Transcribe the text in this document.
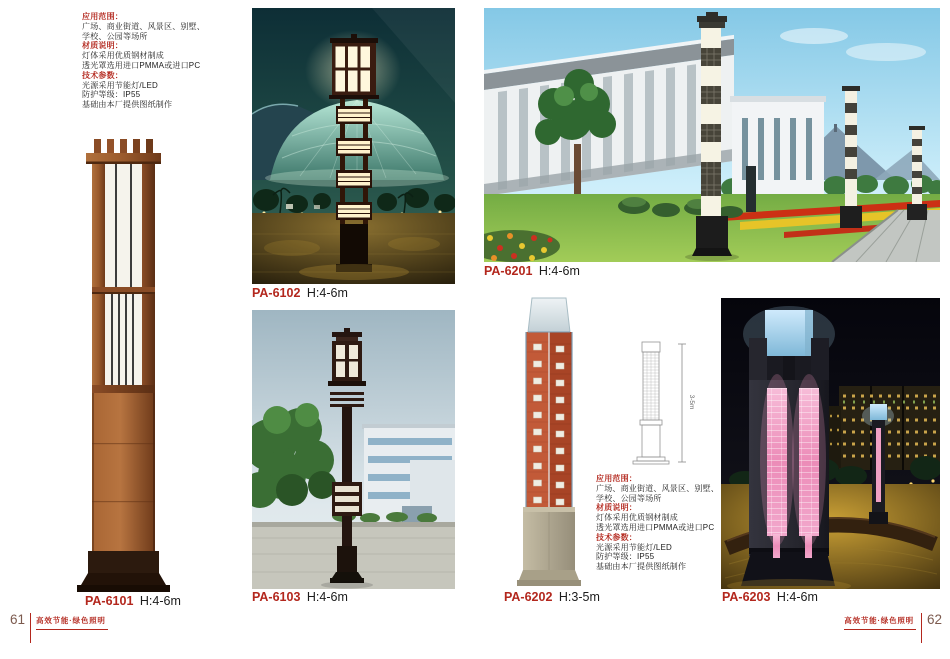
应用范围：
广场、商业街道、风景区、别墅、
学校、公园等场所
材质说明：
灯体采用优质钢材制成
透光罩选用进口PMMA或进口PC
技术参数：
光源采用节能灯/LED
防护等级：IP55
基础由本厂提供图纸制作
PA-6102 H:4-6m
PA-6103 H:4-6m
PA-6201 H:4-6m
3-5m
应用范围：
广场、商业街道、风景区、别墅、
学校、公园等场所
材质说明：
灯体采用优质钢材制成
透光罩选用进口PMMA或进口PC
技术参数：
光源采用节能灯/LED
防护等级：IP55
基础由本厂提供图纸制作
PA-6101 H:4-6m	PA-6202 H:3-5m	PA-6203 H:4-6m
61 高效节能·绿色照明	高效节能·绿色照明 62
